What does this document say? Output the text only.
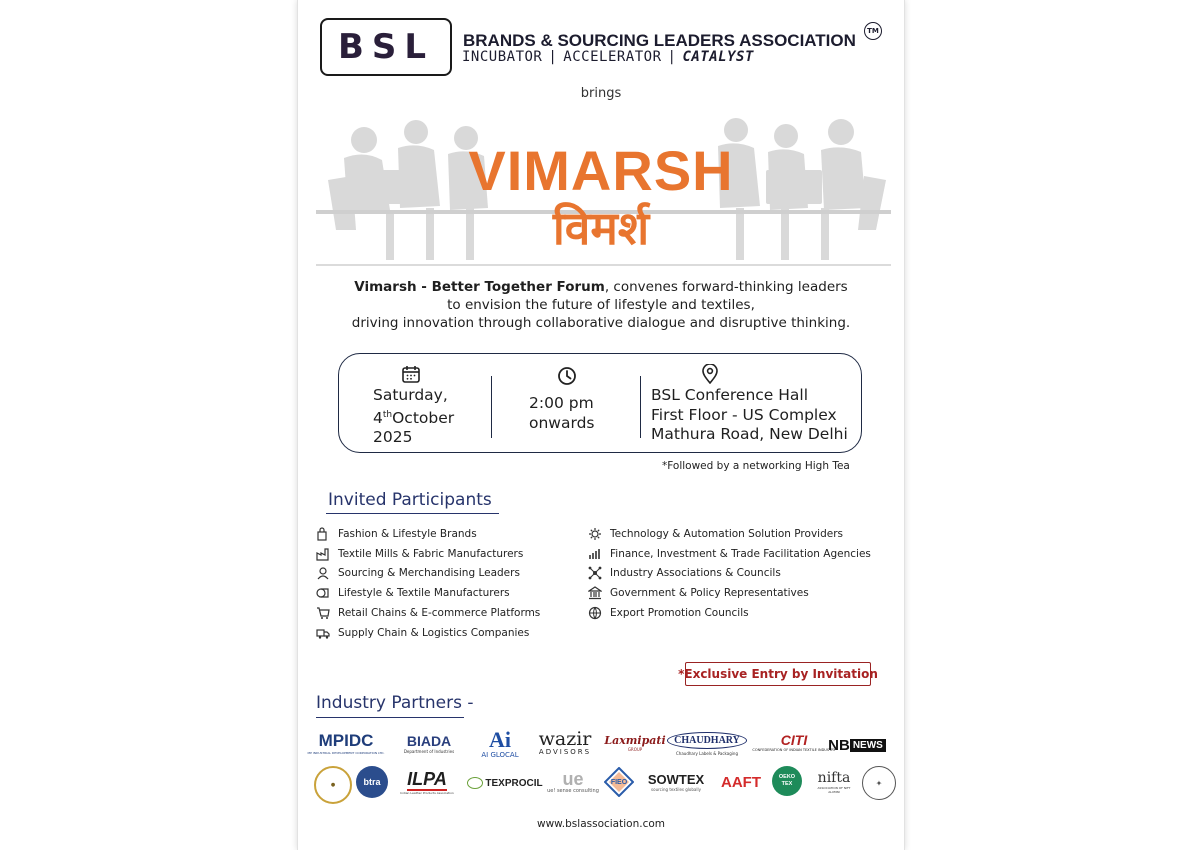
BSL	BRANDS & SOURCING LEADERS ASSOCIATION	TM
INCUBATOR | ACCELERATOR | CATALYST
brings
VIMARSH
विमर्श
Vimarsh - Better Together Forum, convenes forward-thinking leaders
to envision the future of lifestyle and textiles,
driving innovation through collaborative dialogue and disruptive thinking.
Saturday,
4thOctober
2025
2:00 pm
onwards
BSL Conference Hall
First Floor - US Complex
Mathura Road, New Delhi
*Followed by a networking High Tea
Invited Participants
Fashion & Lifestyle Brands
Textile Mills & Fabric Manufacturers
Sourcing & Merchandising Leaders
Lifestyle & Textile Manufacturers
Retail Chains & E-commerce Platforms
Supply Chain & Logistics Companies
Technology & Automation Solution Providers
Finance, Investment & Trade Facilitation Agencies
Industry Associations & Councils
Government & Policy Representatives
Export Promotion Councils
*Exclusive Entry by Invitation
Industry Partners -
MPIDC
MP INDUSTRIAL DEVELOPMENT CORPORATION LTD.
BIADA
Department of Industries Ai
AI GLOCAL
wazir
ADVISORS
Laxmipati
GROUP
CHAUDHARY
Chaudhary Labels & Packaging
CITI
CONFEDERATION OF INDIAN TEXTILE INDUSTRY
NB NEWS
●	btra ILPA
Indian Leather Products Association
TEXPROCIL ue
ue! sense consulting
FIEO SOWTEX
sourcing textiles globally AAFT	OEKO TEX	nifta
ASSOCIATION OF NIFT ALUMNI
✦
www.bslassociation.com
